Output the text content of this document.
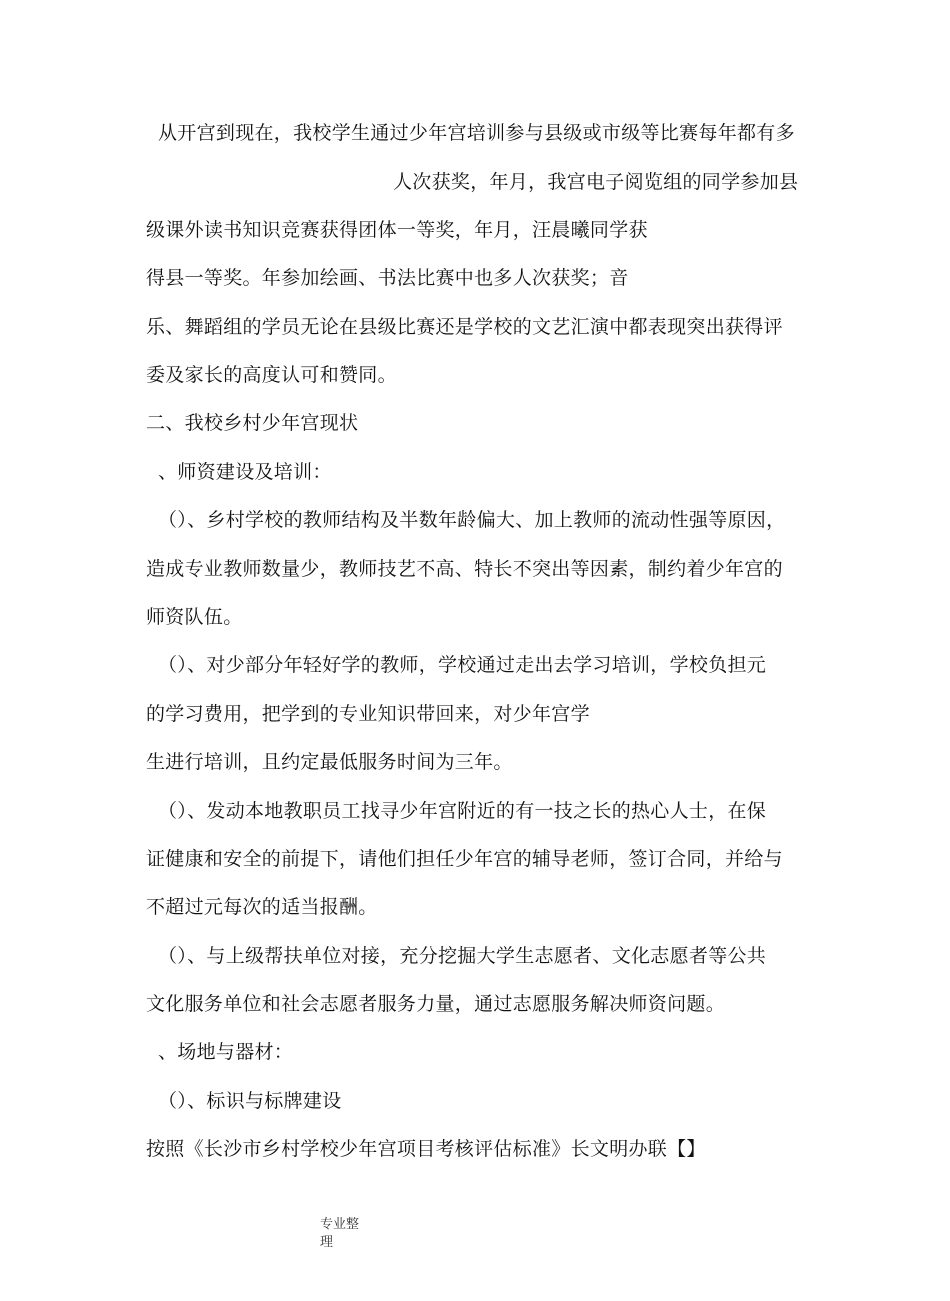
从开宫到现在，我校学生通过少年宫培训参与县级或市级等比赛每年都有多
人次获奖，年月，我宫电子阅览组的同学参加县
级课外读书知识竞赛获得团体一等奖，年月，汪晨曦同学获
得县一等奖。年参加绘画、书法比赛中也多人次获奖；音
乐、舞蹈组的学员无论在县级比赛还是学校的文艺汇演中都表现突出获得评
委及家长的高度认可和赞同。
二、我校乡村少年宫现状
、师资建设及培训：
（）、乡村学校的教师结构及半数年龄偏大、加上教师的流动性强等原因，
造成专业教师数量少，教师技艺不高、特长不突出等因素，制约着少年宫的
师资队伍。
（）、对少部分年轻好学的教师，学校通过走出去学习培训，学校负担元
的学习费用，把学到的专业知识带回来，对少年宫学
生进行培训，且约定最低服务时间为三年。
（）、发动本地教职员工找寻少年宫附近的有一技之长的热心人士，在保
证健康和安全的前提下，请他们担任少年宫的辅导老师，签订合同，并给与
不超过元每次的适当报酬。
（）、与上级帮扶单位对接，充分挖掘大学生志愿者、文化志愿者等公共
文化服务单位和社会志愿者服务力量，通过志愿服务解决师资问题。
、场地与器材：
（）、标识与标牌建设
按照《长沙市乡村学校少年宫项目考核评估标准》长文明办联【】
专业整
理
